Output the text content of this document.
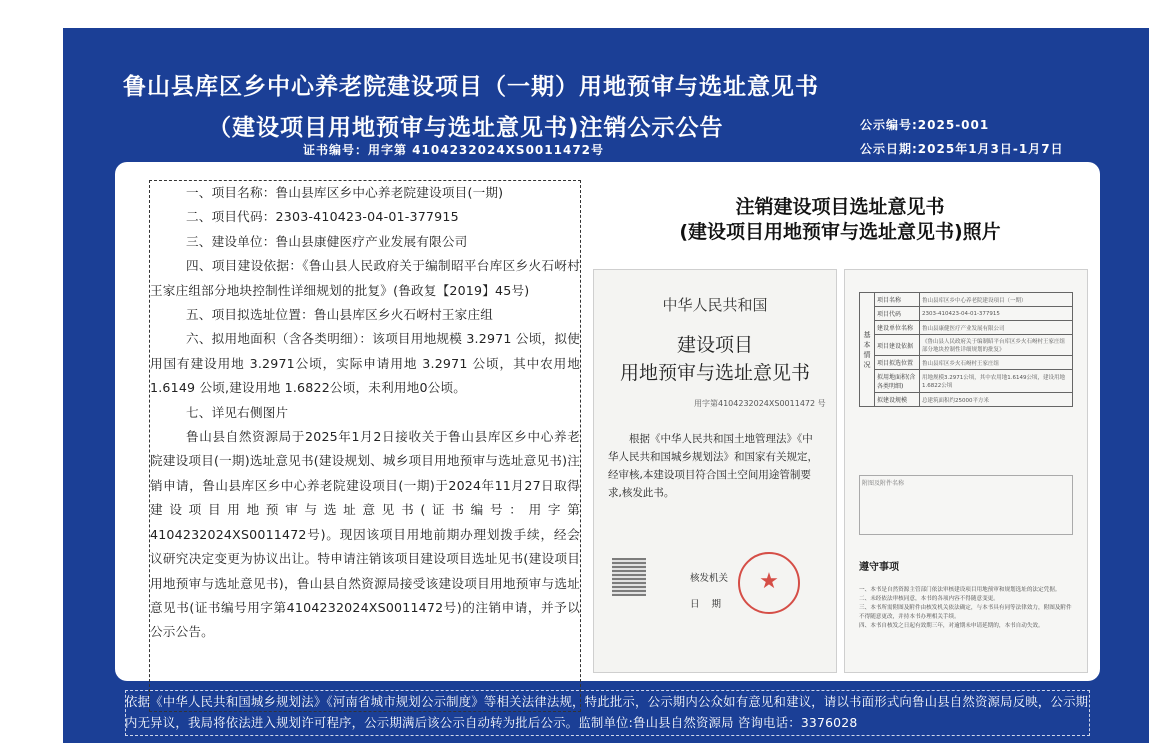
鲁山县库区乡中心养老院建设项目（一期）用地预审与选址意见书
（建设项目用地预审与选址意见书)注销公示公告
证书编号：用字第 4104232024XS0011472号
公示编号:2025-001
公示日期:2025年1月3日-1月7日

一、项目名称：鲁山县库区乡中心养老院建设项目(一期)

二、项目代码：2303-410423-04-01-377915

三、建设单位：鲁山县康健医疗产业发展有限公司

四、项目建设依据：《鲁山县人民政府关于编制昭平台库区乡火石岈村王家庄组部分地块控制性详细规划的批复》(鲁政复【2019】45号)

五、项目拟选址位置：鲁山县库区乡火石岈村王家庄组

六、拟用地面积（含各类明细）：该项目用地规模 3.2971 公顷，拟使用国有建设用地 3.2971公顷，实际申请用地 3.2971 公顷，其中农用地1.6149 公顷,建设用地 1.6822公顷，未利用地0公顷。

七、详见右侧图片

鲁山县自然资源局于2025年1月2日接收关于鲁山县库区乡中心养老院建设项目(一期)选址意见书(建设规划、城乡项目用地预审与选址意见书)注销申请，鲁山县库区乡中心养老院建设项目(一期)于2024年11月27日取得建设项目用地预审与选址意见书(证书编号：用字第4104232024XS0011472号)。现因该项目用地前期办理划拨手续，经会议研究决定变更为协议出让。特申请注销该项目建设项目选址见书(建设项目用地预审与选址意见书)，鲁山县自然资源局接受该建设项目用地预审与选址意见书(证书编号用字第4104232024XS0011472号)的注销申请，并予以公示公告。

注销建设项目选址意见书
(建设项目用地预审与选址意见书)照片
中华人民共和国
建设项目
用地预审与选址意见书
用字第4104232024XS0011472 号
根据《中华人民共和国土地管理法》《中华人民共和国城乡规划法》和国家有关规定，经审核,本建设项目符合国土空间用途管制要求,核发此书。
核发机关
日期
★
基本情况	项目名称	鲁山县库区乡中心养老院建设项目（一期）
	项目代码	2303-410423-04-01-377915
	建设单位名称	鲁山县康健医疗产业发展有限公司
	项目建设依据	《鲁山县人民政府关于编制昭平台库区乡火石岈村王家庄组部分地块控制性详细规划的批复》
	项目拟选位置	鲁山县库区乡火石岈村王家庄组
	拟用地面积(含各类明细)	用地规模3.2971公顷，其中农用地1.6149公顷，建设用地1.6822公顷
	拟建设规模	总建筑面积约25000平方米
附图及附件名称
遵守事项
一、本书是自然资源主管部门依法审核建设项目用地预审和规划选址的法定凭据。
二、未经依法审核同意，本书的各项内容不得随意变更。
三、本书所需附图及附件由核发机关依法确定，与本书具有同等法律效力，附图及附件不得随意更改，并持本书办理相关手续。
四、本书自核发之日起有效期三年，对逾期未申请延期的，本书自动失效。
依据《中华人民共和国城乡规划法》《河南省城市规划公示制度》等相关法律法规，特此批示，公示期内公众如有意见和建议，请以书面形式向鲁山县自然资源局反映，公示期内无异议，我局将依法进入规划许可程序，公示期满后该公示自动转为批后公示。监制单位:鲁山县自然资源局 咨询电话：3376028
